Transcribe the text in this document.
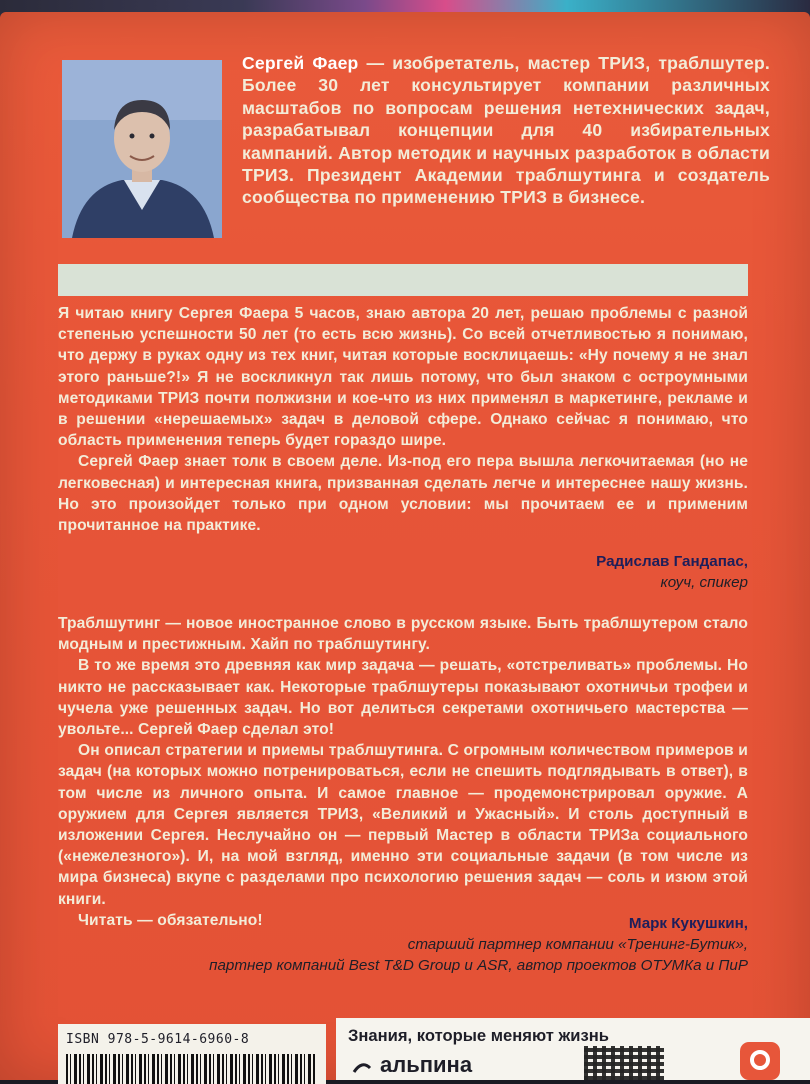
Сергей Фаер — изобретатель, мастер ТРИЗ, траблшутер. Более 30 лет консультирует компании различных масштабов по вопросам решения нетехнических задач, разрабатывал концепции для 40 избирательных кампаний. Автор методик и научных разработок в области ТРИЗ. Президент Академии траблшутинга и создатель сообщества по применению ТРИЗ в бизнесе.

Я читаю книгу Сергея Фаера 5 часов, знаю автора 20 лет, решаю проблемы с разной степенью успешности 50 лет (то есть всю жизнь). Со всей отчетливостью я понимаю, что держу в руках одну из тех книг, читая которые восклицаешь: «Ну почему я не знал этого раньше?!» Я не воскликнул так лишь потому, что был знаком с остроумными методиками ТРИЗ почти полжизни и кое-что из них применял в маркетинге, рекламе и в решении «нерешаемых» задач в деловой сфере. Однако сейчас я понимаю, что область применения теперь будет гораздо шире.

Сергей Фаер знает толк в своем деле. Из-под его пера вышла легкочитаемая (но не легковесная) и интересная книга, призванная сделать легче и интереснее нашу жизнь. Но это произойдет только при одном условии: мы прочитаем ее и применим прочитанное на практике.

Радислав Гандапас,
коуч, спикер

Траблшутинг — новое иностранное слово в русском языке. Быть траблшутером стало модным и престижным. Хайп по траблшутингу.

В то же время это древняя как мир задача — решать, «отстреливать» проблемы. Но никто не рассказывает как. Некоторые траблшутеры показывают охотничьи трофеи и чучела уже решенных задач. Но вот делиться секретами охотничьего мастерства — увольте... Сергей Фаер сделал это!

Он описал стратегии и приемы траблшутинга. С огромным количеством примеров и задач (на которых можно потренироваться, если не спешить подглядывать в ответ), в том числе из личного опыта. И самое главное — продемонстрировал оружие. А оружием для Сергея является ТРИЗ, «Великий и Ужасный». И столь доступный в изложении Сергея. Неслучайно он — первый Мастер в области ТРИЗа социального («нежелезного»). И, на мой взгляд, именно эти социальные задачи (в том числе из мира бизнеса) вкупе с разделами про психологию решения задач — соль и изюм этой книги.

Читать — обязательно!	Марк Кукушкин,
старший партнер компании «Тренинг-Бутик»,
партнер компаний Best T&D Group и ASR, автор проектов ОТУМКа и ПиР
ISBN 978-5-9614-6960-8	Знания, которые меняют жизнь
альпина
